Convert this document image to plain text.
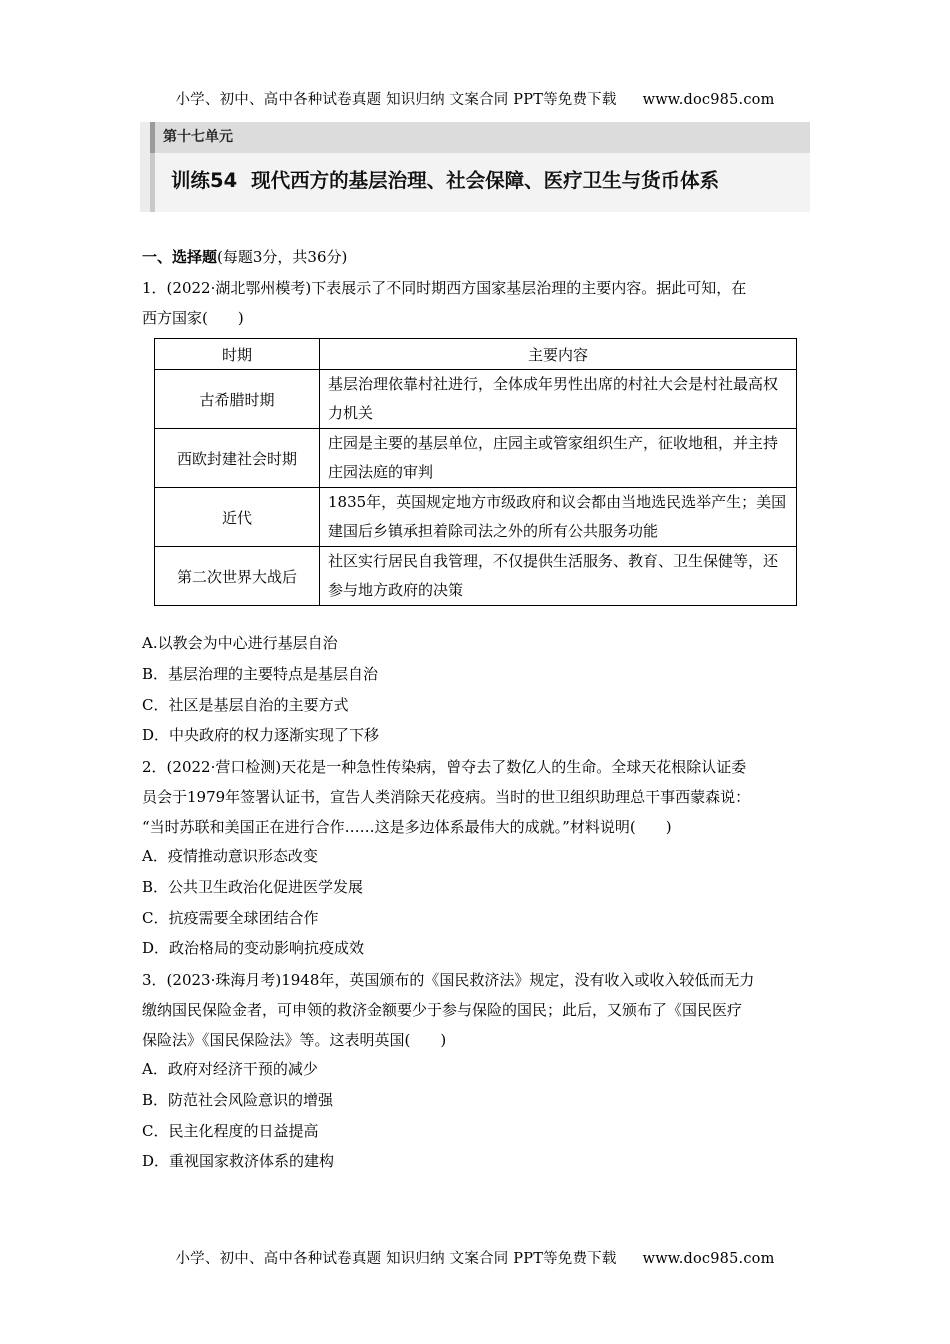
小学、初中、高中各种试卷真题 知识归纳 文案合同 PPT等免费下载 www.doc985.com
第十七单元
训练54 现代西方的基层治理、社会保障、医疗卫生与货币体系
一、选择题(每题3分，共36分)
1．(2022·湖北鄂州模考)下表展示了不同时期西方国家基层治理的主要内容。据此可知，在
西方国家(　　)
时期	主要内容
古希腊时期	基层治理依靠村社进行，全体成年男性出席的村社大会是村社最高权力机关
西欧封建社会时期	庄园是主要的基层单位，庄园主或管家组织生产，征收地租，并主持庄园法庭的审判
近代	1835年，英国规定地方市级政府和议会都由当地选民选举产生；美国建国后乡镇承担着除司法之外的所有公共服务功能
第二次世界大战后	社区实行居民自我管理，不仅提供生活服务、教育、卫生保健等，还参与地方政府的决策
A.以教会为中心进行基层自治
B．基层治理的主要特点是基层自治
C．社区是基层自治的主要方式
D．中央政府的权力逐渐实现了下移
2．(2022·营口检测)天花是一种急性传染病，曾夺去了数亿人的生命。全球天花根除认证委
员会于1979年签署认证书，宣告人类消除天花疫病。当时的世卫组织助理总干事西蒙森说：
“当时苏联和美国正在进行合作……这是多边体系最伟大的成就。”材料说明(　　)
A．疫情推动意识形态改变
B．公共卫生政治化促进医学发展
C．抗疫需要全球团结合作
D．政治格局的变动影响抗疫成效
3．(2023·珠海月考)1948年，英国颁布的《国民救济法》规定，没有收入或收入较低而无力
缴纳国民保险金者，可申领的救济金额要少于参与保险的国民；此后，又颁布了《国民医疗
保险法》《国民保险法》等。这表明英国(　　)
A．政府对经济干预的减少
B．防范社会风险意识的增强
C．民主化程度的日益提高
D．重视国家救济体系的建构
小学、初中、高中各种试卷真题 知识归纳 文案合同 PPT等免费下载 www.doc985.com
